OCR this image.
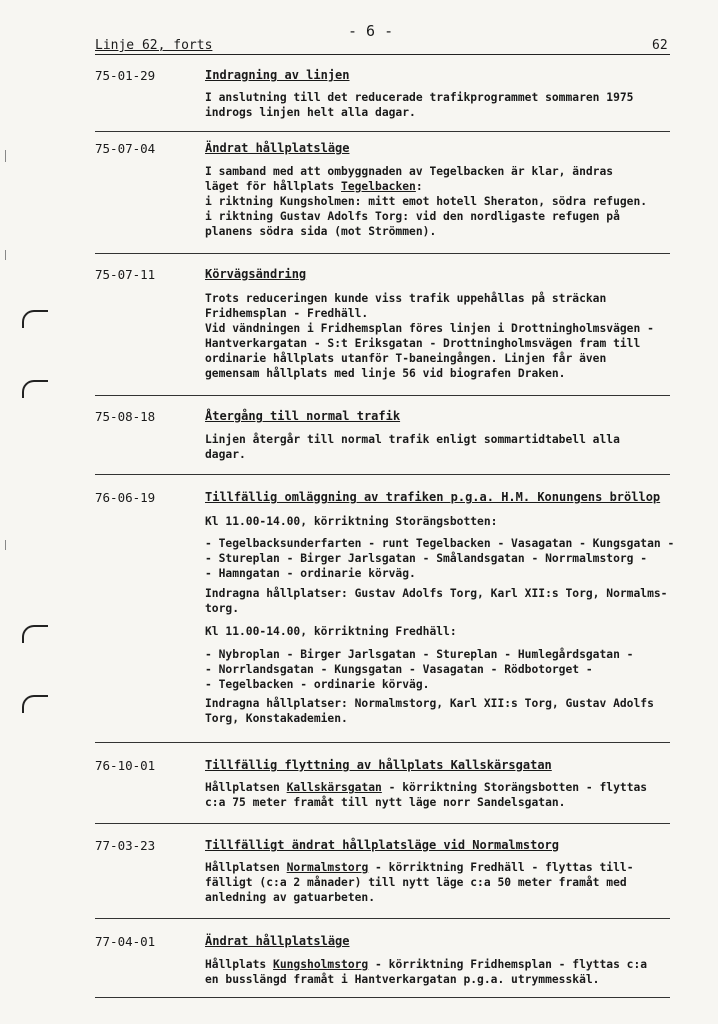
- 6 -
Linje 62, forts	62
75-01-29	Indragning av linjen
I anslutning till det reducerade trafikprogrammet sommaren 1975
indrogs linjen helt alla dagar.
75-07-04	Ändrat hållplatsläge
I samband med att ombyggnaden av Tegelbacken är klar, ändras
läget för hållplats Tegelbacken:
i riktning Kungsholmen: mitt emot hotell Sheraton, södra refugen.
i riktning Gustav Adolfs Torg: vid den nordligaste refugen på
planens södra sida (mot Strömmen).
75-07-11	Körvägsändring
Trots reduceringen kunde viss trafik uppehållas på sträckan
Fridhemsplan - Fredhäll.
Vid vändningen i Fridhemsplan föres linjen i Drottningholmsvägen -
Hantverkargatan - S:t Eriksgatan - Drottningholmsvägen fram till
ordinarie hållplats utanför T-baneingången. Linjen får även
gemensam hållplats med linje 56 vid biografen Draken.
75-08-18	Återgång till normal trafik
Linjen återgår till normal trafik enligt sommartidtabell alla
dagar.
76-06-19	Tillfällig omläggning av trafiken p.g.a. H.M. Konungens bröllop
Kl 11.00-14.00, körriktning Storängsbotten:
- Tegelbacksunderfarten - runt Tegelbacken - Vasagatan - Kungsgatan -
- Stureplan - Birger Jarlsgatan - Smålandsgatan - Norrmalmstorg -
- Hamngatan - ordinarie körväg.
Indragna hållplatser: Gustav Adolfs Torg, Karl XII:s Torg, Normalms-
torg.
Kl 11.00-14.00, körriktning Fredhäll:
- Nybroplan - Birger Jarlsgatan - Stureplan - Humlegårdsgatan -
- Norrlandsgatan - Kungsgatan - Vasagatan - Rödbotorget -
- Tegelbacken - ordinarie körväg.
Indragna hållplatser: Normalmstorg, Karl XII:s Torg, Gustav Adolfs
Torg, Konstakademien.
76-10-01	Tillfällig flyttning av hållplats Kallskärsgatan
Hållplatsen Kallskärsgatan - körriktning Storängsbotten - flyttas
c:a 75 meter framåt till nytt läge norr Sandelsgatan.
77-03-23	Tillfälligt ändrat hållplatsläge vid Normalmstorg
Hållplatsen Normalmstorg - körriktning Fredhäll - flyttas till-
fälligt (c:a 2 månader) till nytt läge c:a 50 meter framåt med
anledning av gatuarbeten.
77-04-01	Ändrat hållplatsläge
Hållplats Kungsholmstorg - körriktning Fridhemsplan - flyttas c:a
en busslängd framåt i Hantverkargatan p.g.a. utrymmesskäl.
